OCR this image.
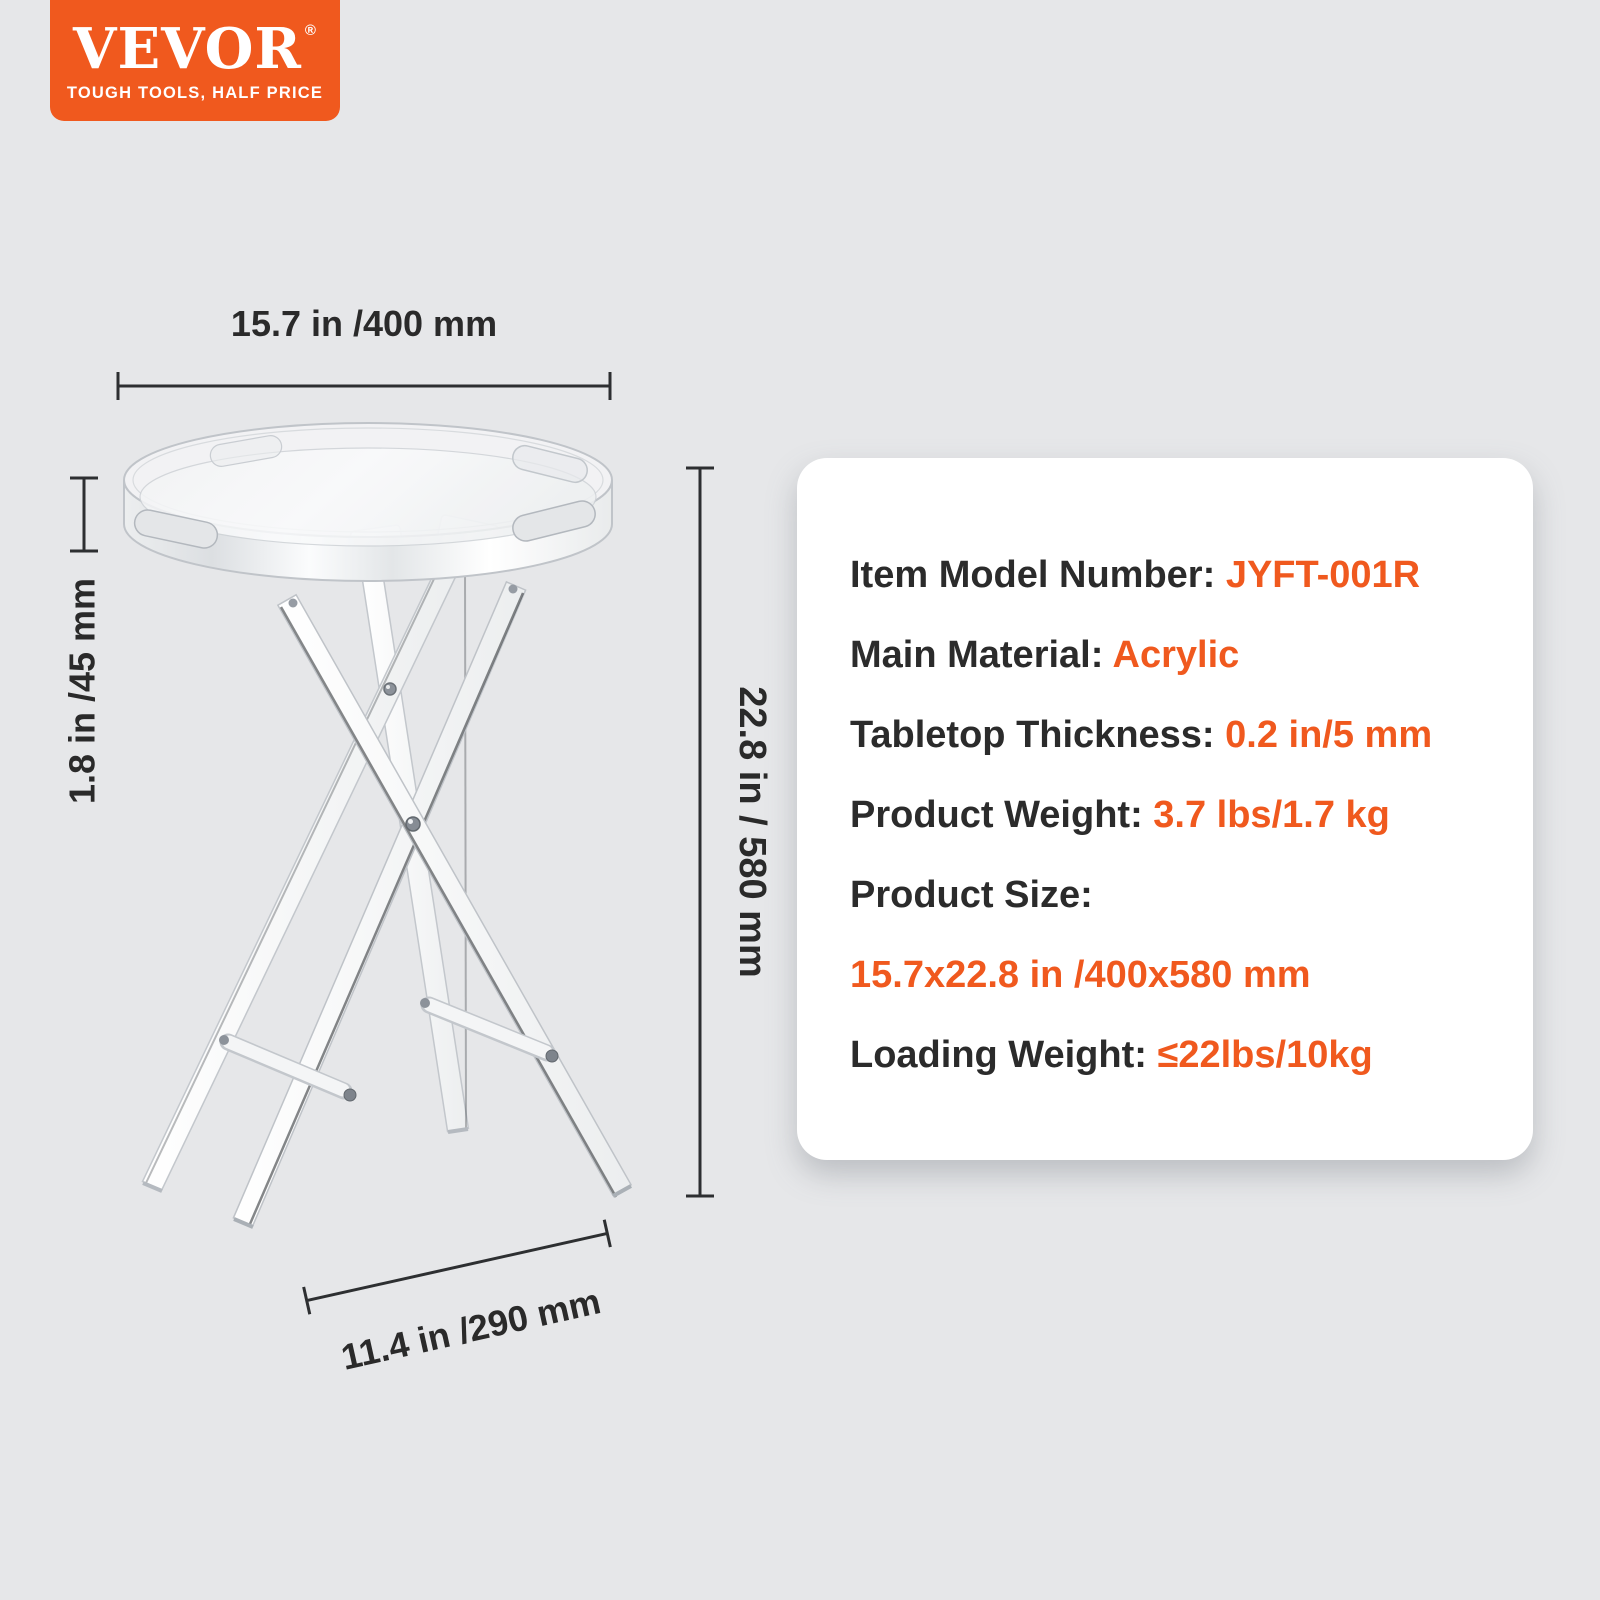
VEVOR ®
TOUGH TOOLS, HALF PRICE
15.7 in /400 mm
1.8 in /45 mm	22.8 in / 580 mm
11.4 in /290 mm

Item Model Number: JYFT-001R

Main Material: Acrylic

Tabletop Thickness: 0.2 in/5 mm

Product Weight: 3.7 lbs/1.7 kg

Product Size:

15.7x22.8 in /400x580 mm

Loading Weight: ≤22lbs/10kg
